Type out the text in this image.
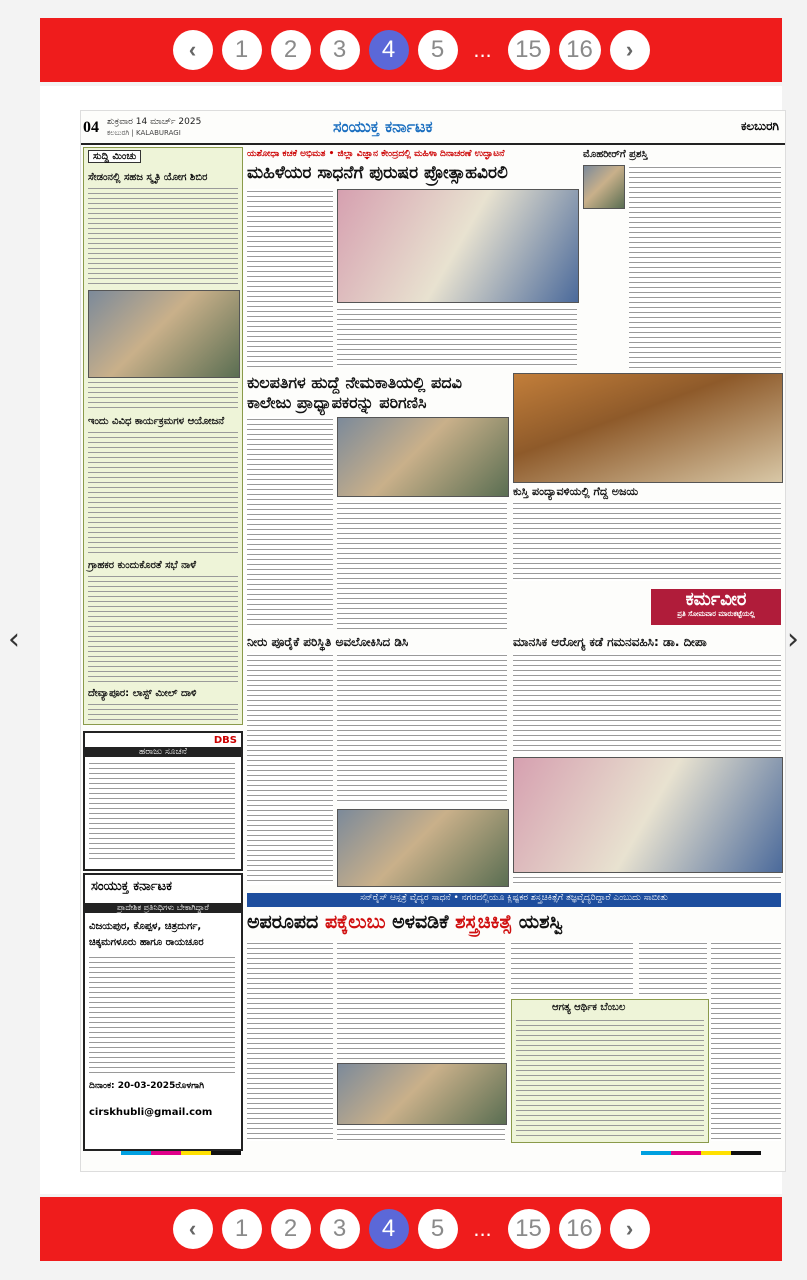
‹	1	2	3	4	5	... 15	16	›
‹	›
04 ಶುಕ್ರವಾರ 14 ಮಾರ್ಚ್ 2025
ಕಲಬುರಗಿ | KALABURAGI	ಸಂಯುಕ್ತ ಕರ್ನಾಟಕ	ಕಲಬುರಗಿ
ಸುದ್ದಿ ಮಿಂಚು
ಸೇಡಂನಲ್ಲಿ ಸಹಜ ಸ್ಮೃತಿ ಯೋಗ ಶಿಬಿರ
ಇಂದು ವಿವಿಧ ಕಾರ್ಯಕ್ರಮಗಳ ಆಯೋಜನೆ
ಗ್ರಾಹಕರ ಕುಂದುಕೊರತೆ ಸಭೆ ನಾಳೆ
ದೇವ್ಯಾಪೂರ: ಲಾಸ್ಟ್ ಮೀಲ್ ದಾಳಿ
DBS
ಹರಾಜು ಸೂಚನೆ
ಸಂಯುಕ್ತ ಕರ್ನಾಟಕ
ಪ್ರಾದೇಶಿಕ ಪ್ರತಿನಿಧಿಗಳು ಬೇಕಾಗಿದ್ದಾರೆ
ವಿಜಯಪುರ, ಕೊಪ್ಪಳ, ಚಿತ್ರದುರ್ಗ,
ಚಿಕ್ಕಮಗಳೂರು ಹಾಗೂ ರಾಯಚೂರ
ದಿನಾಂಕ: 20-03-2025ರೊಳಗಾಗಿ
cirskhubli@gmail.com
ಯಶೋಧಾ ಕಚಕೆ ಅಭಿಮತ • ಜಿಲ್ಲಾ ವಿಜ್ಞಾನ ಕೇಂದ್ರದಲ್ಲಿ ಮಹಿಳಾ ದಿನಾಚರಣೆ ಉದ್ಘಾಟನೆ
ಮಹಿಳೆಯರ ಸಾಧನೆಗೆ ಪುರುಷರ ಪ್ರೋತ್ಸಾಹವಿರಲಿ
ಮೊಹರೀರ್‌ಗೆ ಪ್ರಶಸ್ತಿ
ಕುಲಪತಿಗಳ ಹುದ್ದೆ ನೇಮಕಾತಿಯಲ್ಲಿ ಪದವಿ
ಕಾಲೇಜು ಪ್ರಾಧ್ಯಾಪಕರನ್ನು ಪರಿಗಣಿಸಿ
ಕುಸ್ತಿ ಪಂದ್ಯಾವಳಿಯಲ್ಲಿ ಗೆದ್ದ ಅಜಯ
ಕರ್ಮವೀರ
ಪ್ರತಿ ಸೋಮವಾರ ಮಾರುಕಟ್ಟೆಯಲ್ಲಿ
ನೀರು ಪೂರೈಕೆ ಪರಿಸ್ಥಿತಿ ಅವಲೋಕಿಸಿದ ಡಿಸಿ	ಮಾನಸಿಕ ಆರೋಗ್ಯ ಕಡೆ ಗಮನವಹಿಸಿ: ಡಾ. ದೀಪಾ
ಸನ್‌ರೈಸ್ ಆಸ್ಪತ್ರೆ ವೈದ್ಯರ ಸಾಧನೆ • ನಗರದಲ್ಲಿಯೂ ಕ್ಲಿಷ್ಟಕರ ಶಸ್ತ್ರಚಿಕಿತ್ಸೆಗೆ ತಜ್ಞವೈದ್ಯರಿದ್ದಾರೆ ಎಂಬುದು ಸಾಬೀತು
ಅಪರೂಪದ ಪಕ್ಕೆಲುಬು ಅಳವಡಿಕೆ ಶಸ್ತ್ರಚಿಕಿತ್ಸೆ ಯಶಸ್ವಿ
ಆಗತ್ಯ ಆರ್ಥಿಕ ಬೆಂಬಲ
‹	1	2	3	4	5	... 15	16	›
